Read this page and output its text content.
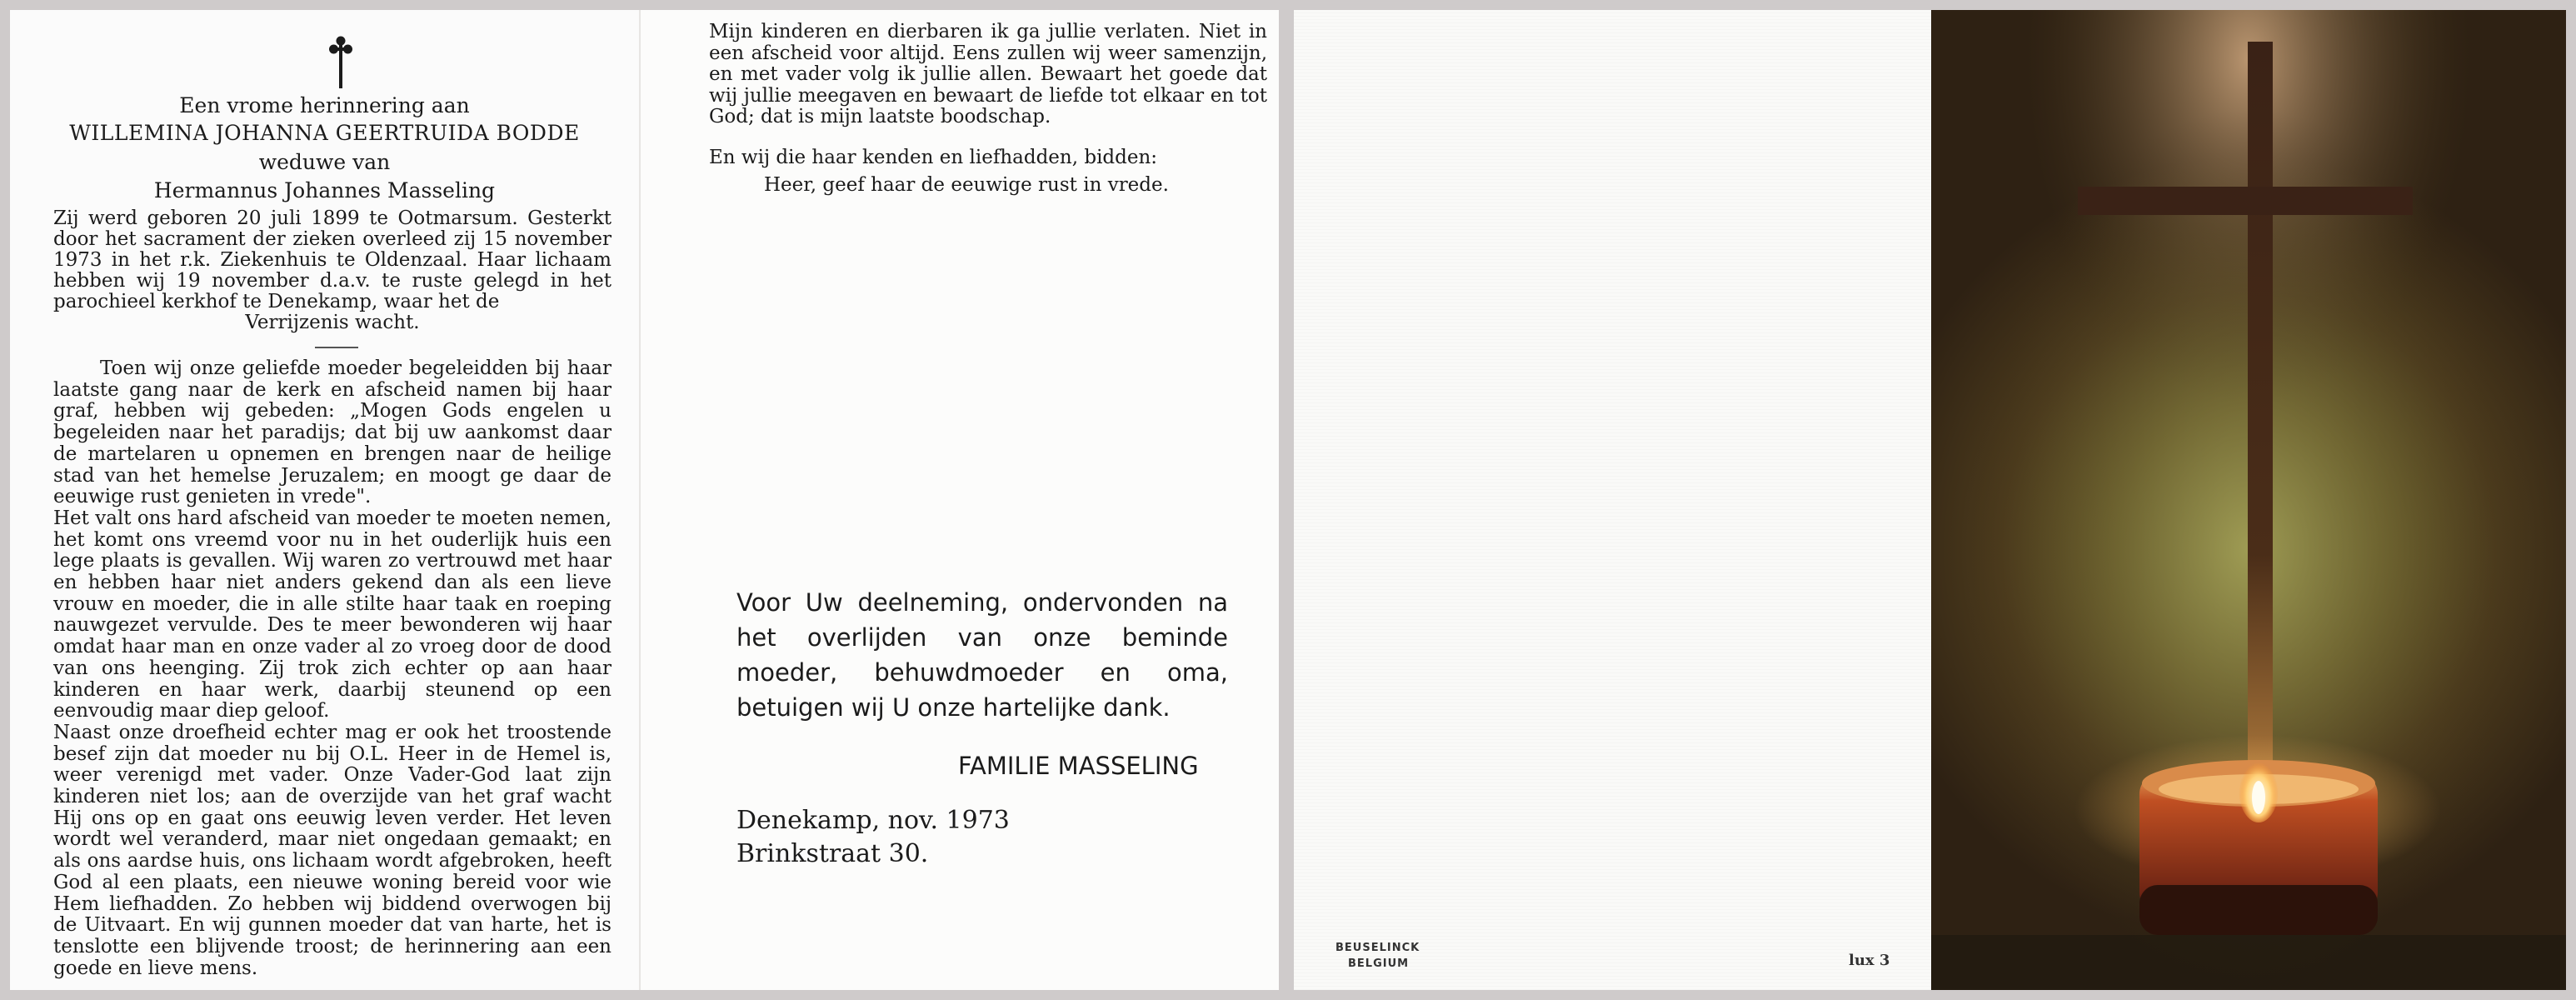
Een vrome herinnering aan
WILLEMINA JOHANNA GEERTRUIDA BODDE
weduwe van
Hermannus Johannes Masseling

Zij werd geboren 20 juli 1899 te Ootmarsum. Gesterkt door het sacrament der zieken overleed zij 15 november 1973 in het r.k. Ziekenhuis te Oldenzaal. Haar lichaam hebben wij 19 november d.a.v. te ruste gelegd in het parochieel kerkhof te Denekamp, waar het de
Verrijzenis wacht.

Toen wij onze geliefde moeder begeleidden bij haar laatste gang naar de kerk en afscheid namen bij haar graf, hebben wij gebeden: „Mogen Gods engelen u begeleiden naar het paradijs; dat bij uw aankomst daar de martelaren u opnemen en brengen naar de heilige stad van het hemelse Jeruzalem; en moogt ge daar de eeuwige rust genieten in vrede".

Het valt ons hard afscheid van moeder te moeten nemen, het komt ons vreemd voor nu in het ouderlijk huis een lege plaats is gevallen. Wij waren zo vertrouwd met haar en hebben haar niet anders gekend dan als een lieve vrouw en moeder, die in alle stilte haar taak en roeping nauwgezet vervulde. Des te meer bewonderen wij haar omdat haar man en onze vader al zo vroeg door de dood van ons heenging. Zij trok zich echter op aan haar kinderen en haar werk, daarbij steunend op een eenvoudig maar diep geloof.

Naast onze droefheid echter mag er ook het troostende besef zijn dat moeder nu bij O.L. Heer in de Hemel is, weer verenigd met vader. Onze Vader-God laat zijn kinderen niet los; aan de overzijde van het graf wacht Hij ons op en gaat ons eeuwig leven verder. Het leven wordt wel veranderd, maar niet ongedaan gemaakt; en als ons aardse huis, ons lichaam wordt afgebroken, heeft God al een plaats, een nieuwe woning bereid voor wie Hem liefhadden. Zo hebben wij biddend overwogen bij de Uitvaart. En wij gunnen moeder dat van harte, het is tenslotte een blijvende troost; de herinnering aan een goede en lieve mens.

Mijn kinderen en dierbaren ik ga jullie verlaten. Niet in een afscheid voor altijd. Eens zullen wij weer samenzijn, en met vader volg ik jullie allen. Bewaart het goede dat wij jullie meegaven en bewaart de liefde tot elkaar en tot God; dat is mijn laatste boodschap.

En wij die haar kenden en liefhadden, bidden:
Heer, geef haar de eeuwige rust in vrede.

Voor Uw deelneming, ondervonden na het overlijden van onze beminde moeder, behuwdmoeder en oma, betuigen wij U onze hartelijke dank.

FAMILIE MASSELING
Denekamp, nov. 1973
Brinkstraat 30.
BEUSELINCK
BELGIUM	lux 3
